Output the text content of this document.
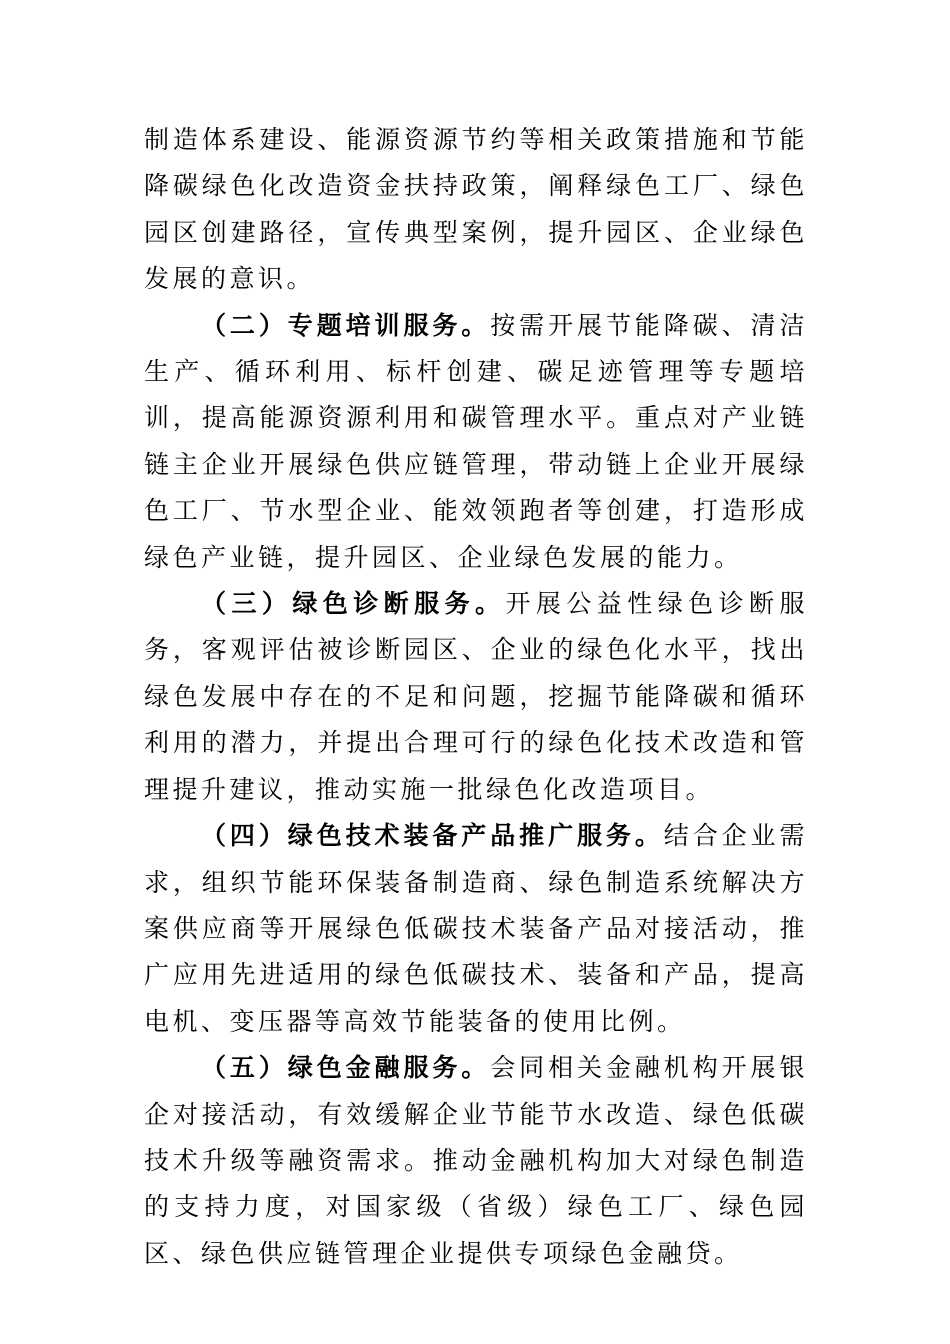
制造体系建设、能源资源节约等相关政策措施和节能降碳绿色化改造资金扶持政策，阐释绿色工厂、绿色园区创建路径，宣传典型案例，提升园区、企业绿色发展的意识。

（二）专题培训服务。按需开展节能降碳、清洁生产、循环利用、标杆创建、碳足迹管理等专题培训，提高能源资源利用和碳管理水平。重点对产业链链主企业开展绿色供应链管理，带动链上企业开展绿色工厂、节水型企业、能效领跑者等创建，打造形成绿色产业链，提升园区、企业绿色发展的能力。

（三）绿色诊断服务。开展公益性绿色诊断服务，客观评估被诊断园区、企业的绿色化水平，找出绿色发展中存在的不足和问题，挖掘节能降碳和循环利用的潜力，并提出合理可行的绿色化技术改造和管理提升建议，推动实施一批绿色化改造项目。

（四）绿色技术装备产品推广服务。结合企业需求，组织节能环保装备制造商、绿色制造系统解决方案供应商等开展绿色低碳技术装备产品对接活动，推广应用先进适用的绿色低碳技术、装备和产品，提高电机、变压器等高效节能装备的使用比例。

（五）绿色金融服务。会同相关金融机构开展银企对接活动，有效缓解企业节能节水改造、绿色低碳技术升级等融资需求。推动金融机构加大对绿色制造的支持力度，对国家级（省级）绿色工厂、绿色园区、绿色供应链管理企业提供专项绿色金融贷。
